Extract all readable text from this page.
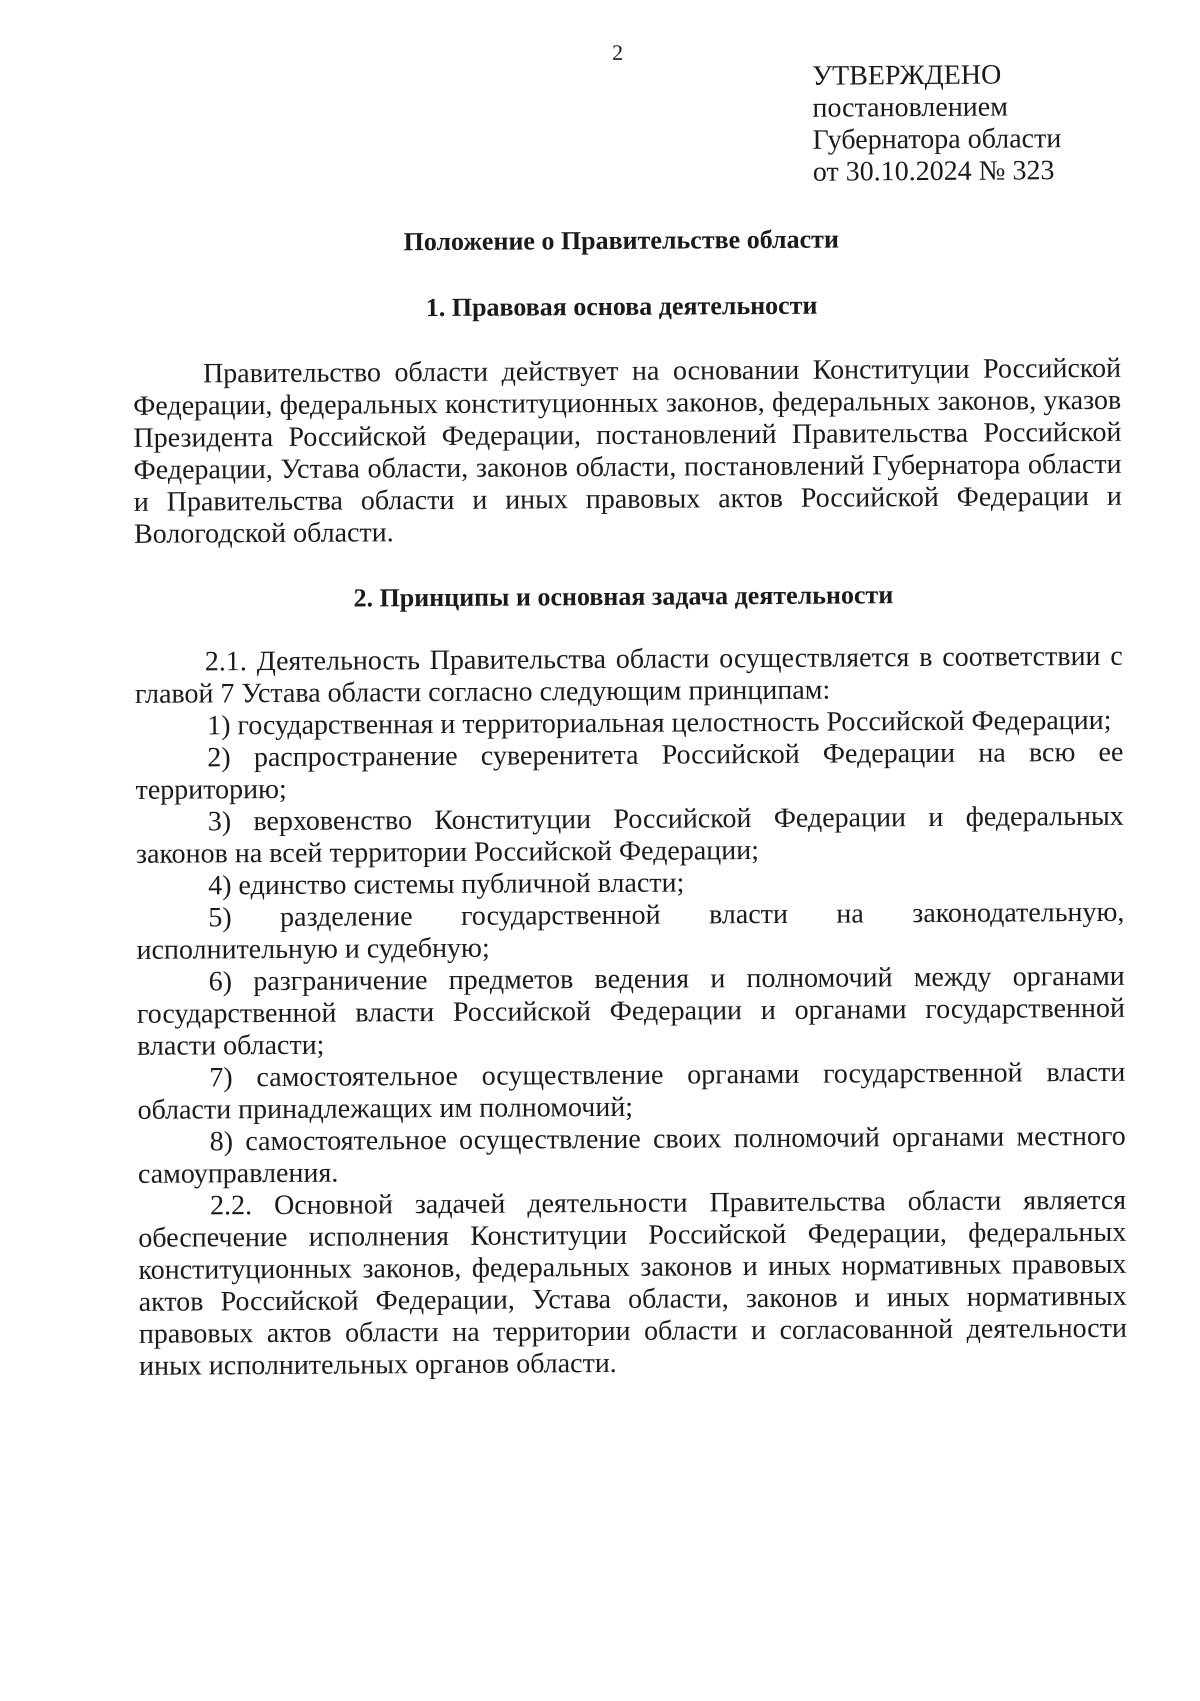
2
УТВЕРЖДЕНО
постановлением
Губернатора области
от 30.10.2024 № 323
Положение о Правительстве области
1. Правовая основа деятельности

Правительство области действует на основании Конституции Российской Федерации, федеральных конституционных законов, федеральных законов, указов Президента Российской Федерации, постановлений Правительства Российской Федерации, Устава области, законов области, постановлений Губернатора области и Правительства области и иных правовых актов Российской Федерации и Вологодской области.

2. Принципы и основная задача деятельности

2.1. Деятельность Правительства области осуществляется в соответствии с главой 7 Устава области согласно следующим принципам:

1) государственная и территориальная целостность Российской Федерации;

2) распространение суверенитета Российской Федерации на всю ее территорию;

3) верховенство Конституции Российской Федерации и федеральных законов на всей территории Российской Федерации;

4) единство системы публичной власти;

5) разделение государственной власти на законодательную, исполнительную и судебную;

6) разграничение предметов ведения и полномочий между органами государственной власти Российской Федерации и органами государственной власти области;

7) самостоятельное осуществление органами государственной власти области принадлежащих им полномочий;

8) самостоятельное осуществление своих полномочий органами местного самоуправления.

2.2. Основной задачей деятельности Правительства области является обеспечение исполнения Конституции Российской Федерации, федеральных конституционных законов, федеральных законов и иных нормативных правовых актов Российской Федерации, Устава области, законов и иных нормативных правовых актов области на территории области и согласованной деятельности иных исполнительных органов области.
